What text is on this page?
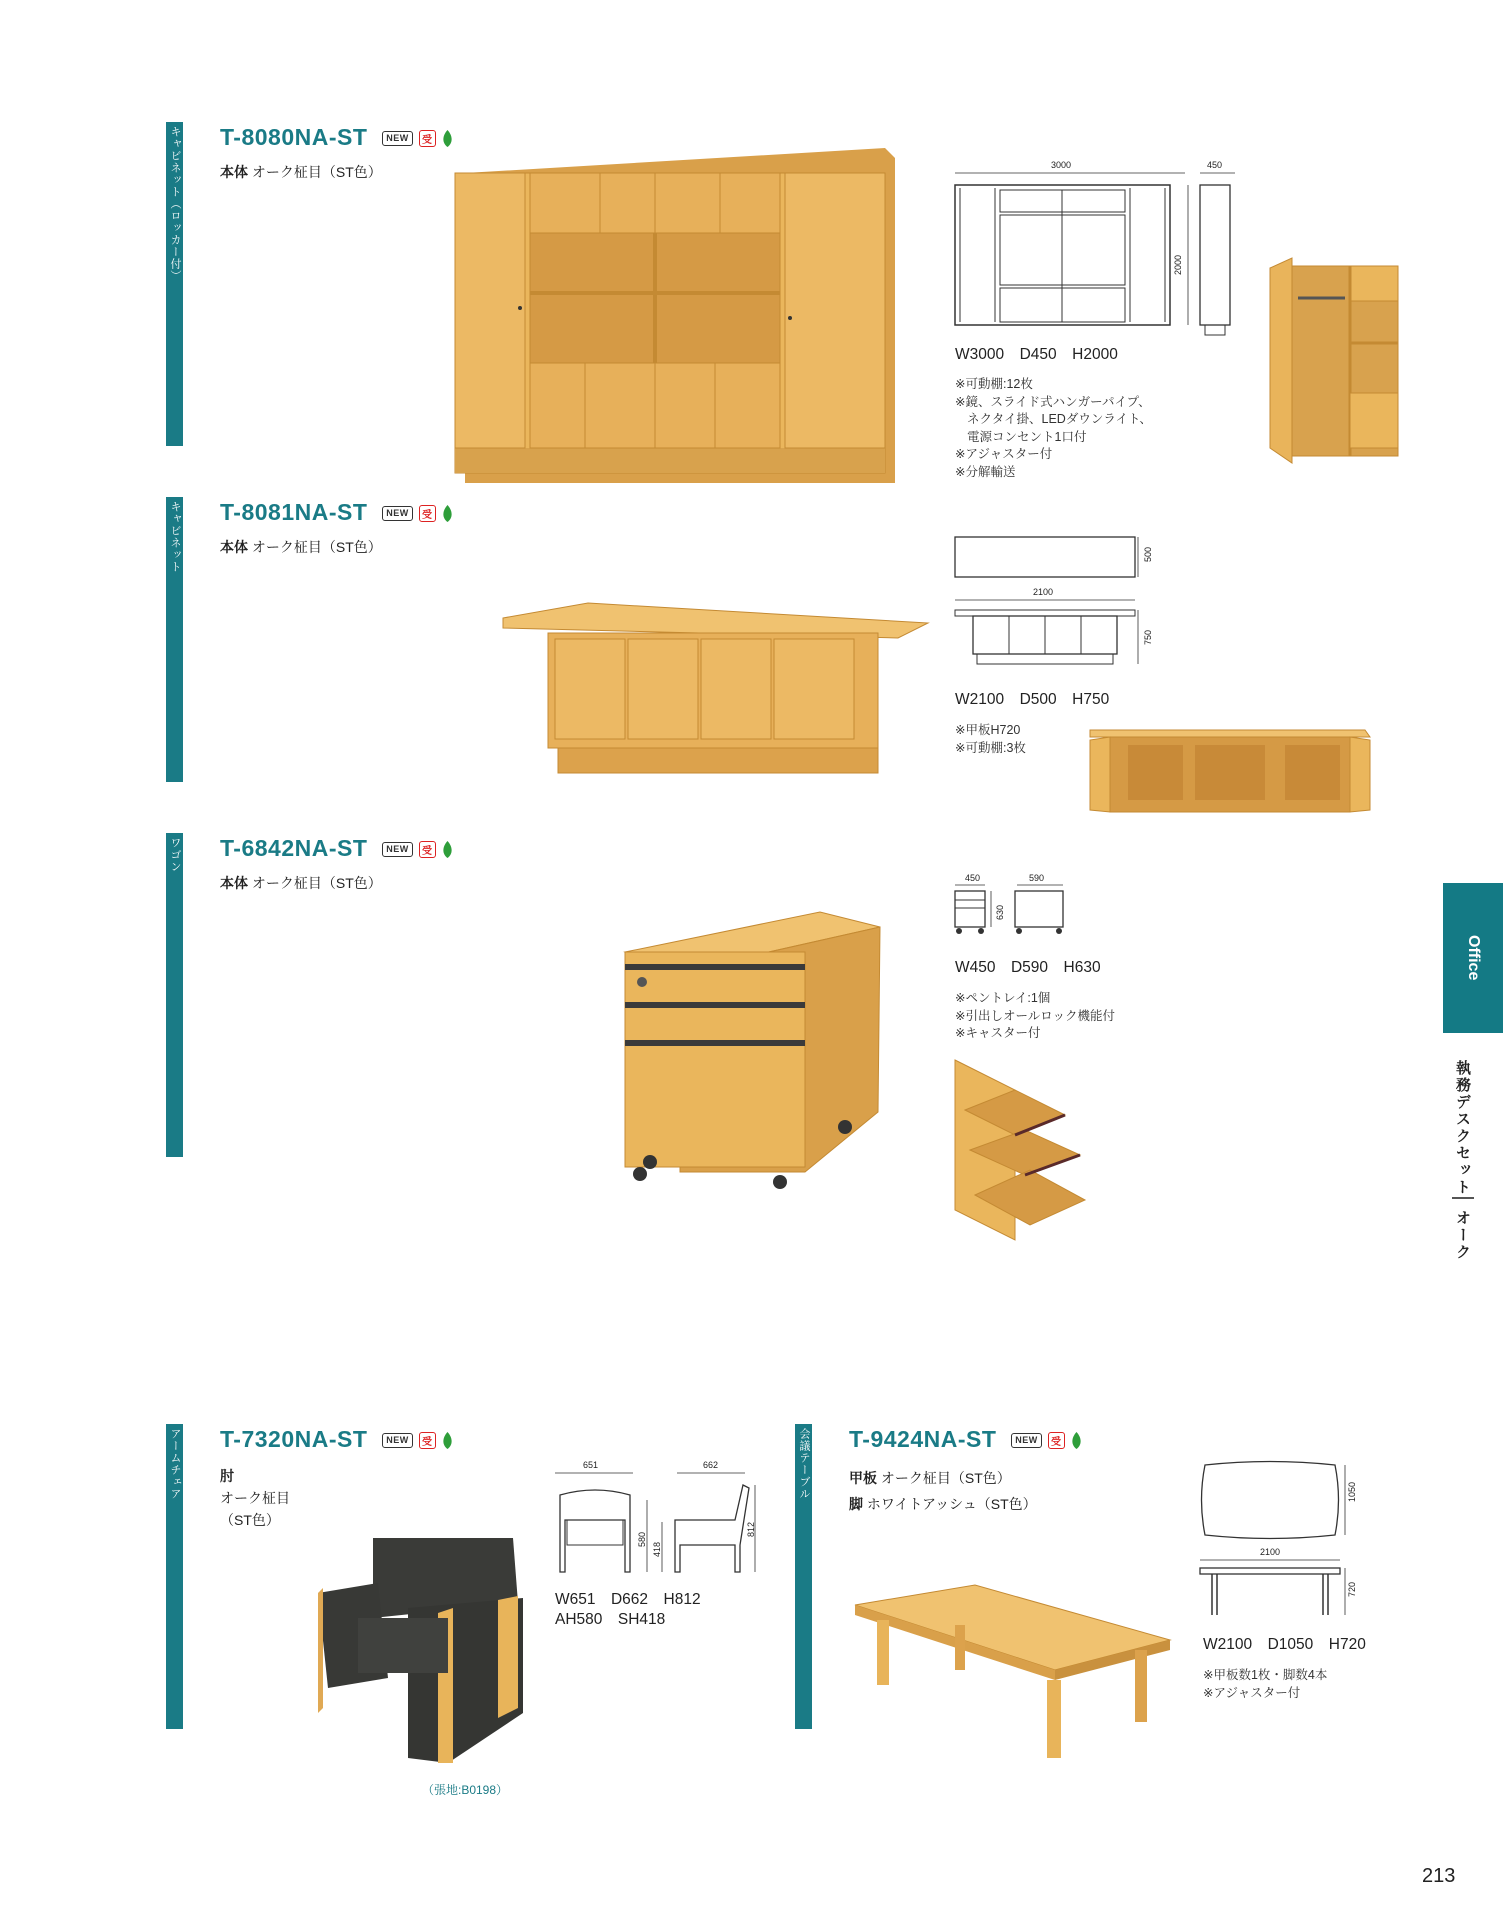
キャビネット（ロッカー付） T-8080NA-ST	NEW	受
本体 オーク柾目（ST色）	3000	450
2000
W3000　D450　H2000
※可動棚:12枚
※鏡、スライド式ハンガーパイプ、
ネクタイ掛、LEDダウンライト、
電源コンセント1口付
※アジャスター付
※分解輸送
キャビネット T-8081NA-ST	NEW	受
本体 オーク柾目（ST色）	500
2100
750
W2100　D500　H750
※甲板H720
※可動棚:3枚
ワゴン T-6842NA-ST	NEW	受
本体 オーク柾目（ST色）	450	590
630
W450　D590　H630
※ペントレイ:1個
※引出しオールロック機能付
※キャスター付
アームチェア T-7320NA-ST	NEW	受
肘
オーク柾目
（ST色）
（張地:B0198）
651	662
580
418
812
W651　D662　H812
AH580　SH418
会議テーブル T-9424NA-ST	NEW	受
甲板 オーク柾目（ST色）
脚 ホワイトアッシュ（ST色）
1050
2100
720
W2100　D1050　H720
※甲板数1枚・脚数4本
※アジャスター付
Office
執務デスクセット
オーク
213
